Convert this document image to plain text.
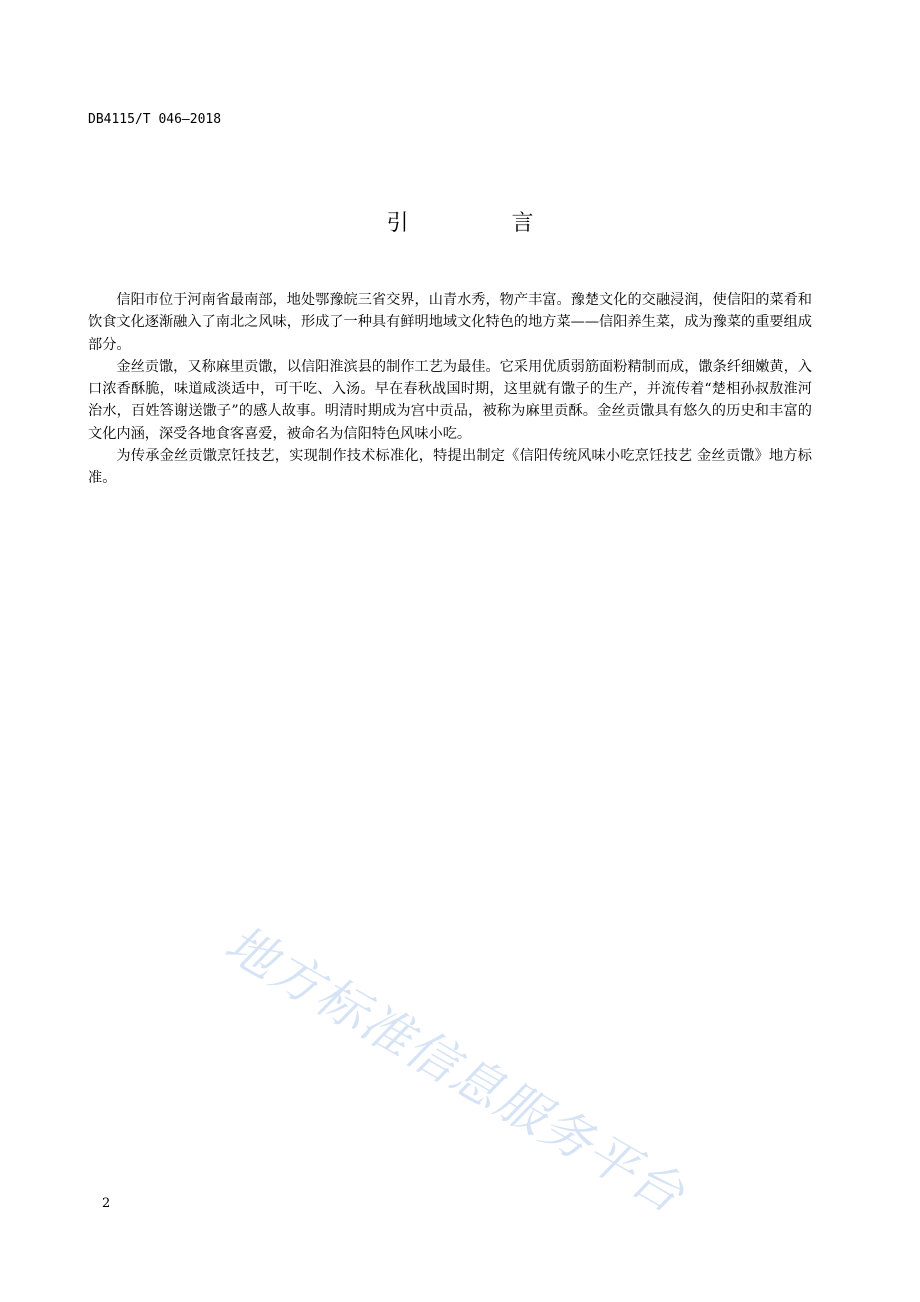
DB4115/T 046—2018
引 言

信阳市位于河南省最南部，地处鄂豫皖三省交界，山青水秀，物产丰富。豫楚文化的交融浸润，使信阳的菜肴和饮食文化逐渐融入了南北之风味，形成了一种具有鲜明地域文化特色的地方菜——信阳养生菜，成为豫菜的重要组成部分。

金丝贡馓，又称麻里贡馓，以信阳淮滨县的制作工艺为最佳。它采用优质弱筋面粉精制而成，馓条纤细嫩黄，入口浓香酥脆，味道咸淡适中，可干吃、入汤。早在春秋战国时期，这里就有馓子的生产，并流传着“楚相孙叔敖淮河治水，百姓答谢送馓子”的感人故事。明清时期成为宫中贡品，被称为麻里贡酥。金丝贡馓具有悠久的历史和丰富的文化内涵，深受各地食客喜爱，被命名为信阳特色风味小吃。

为传承金丝贡馓烹饪技艺，实现制作技术标准化，特提出制定《信阳传统风味小吃烹饪技艺 金丝贡馓》地方标准。

地方标准信息服务平台
2
